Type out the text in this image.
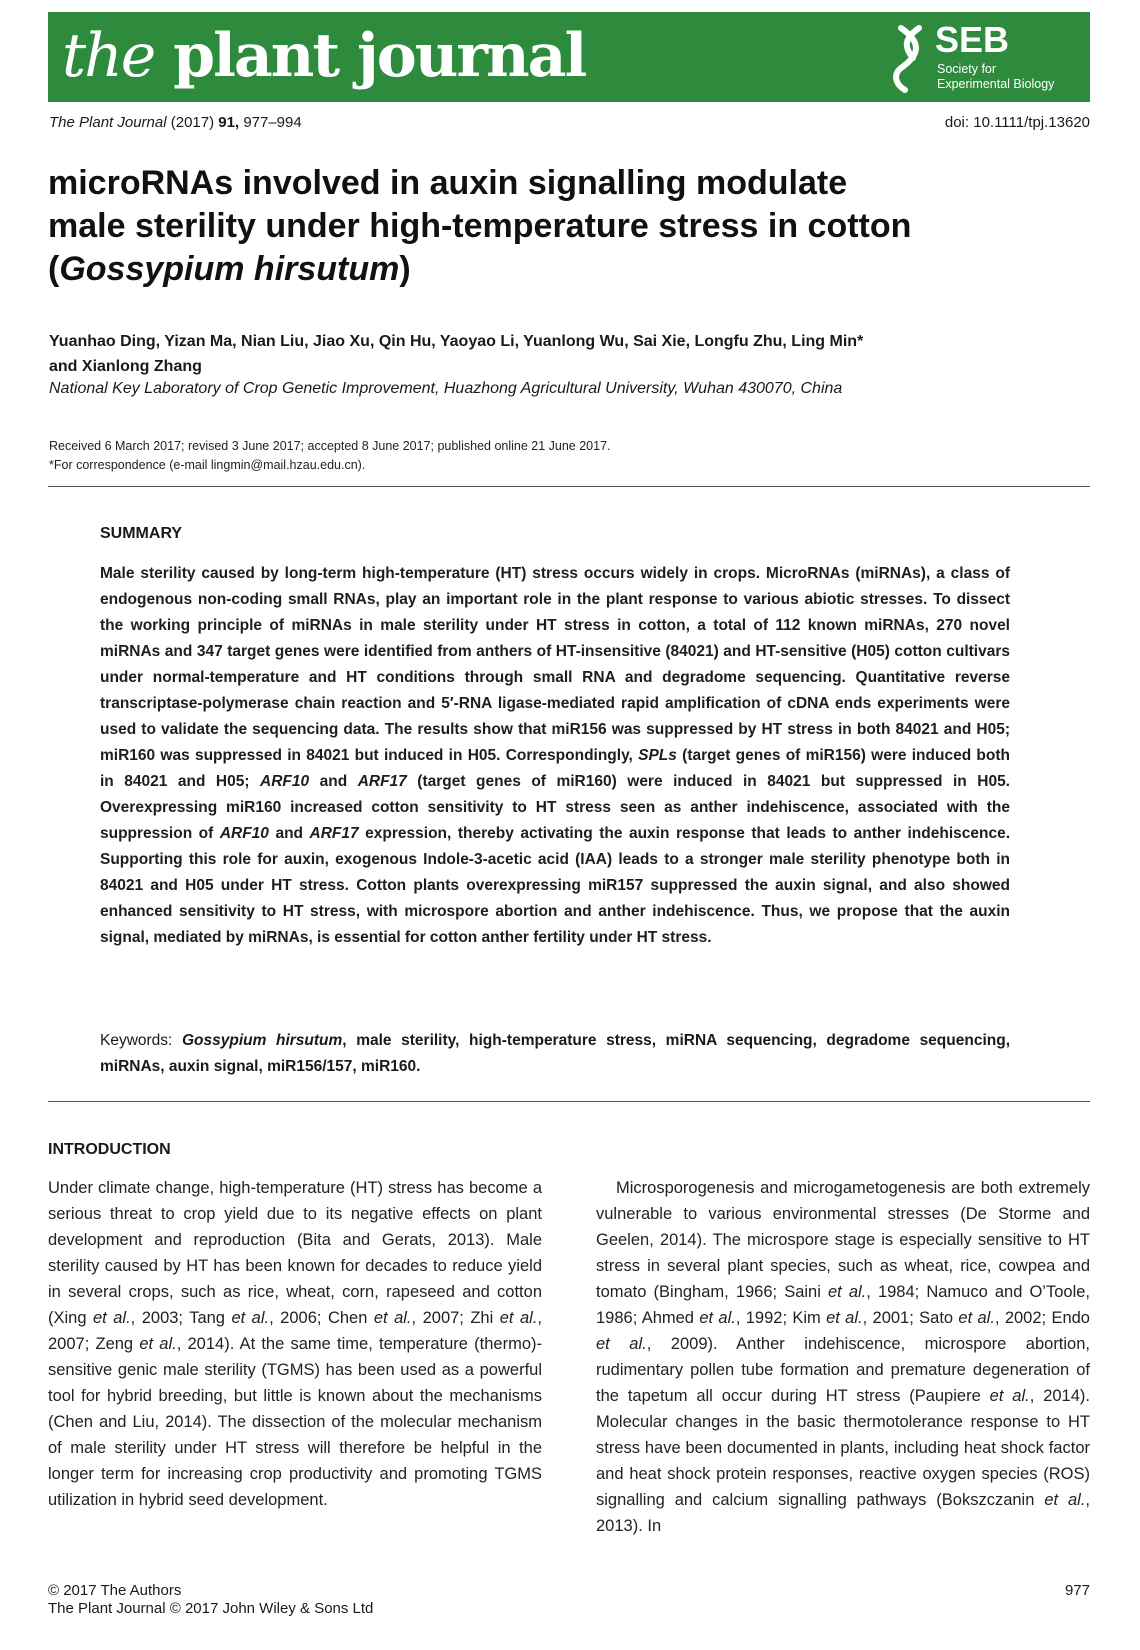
the plant journal	SEB
Society for
Experimental Biology
The Plant Journal (2017) 91, 977–994	doi: 10.1111/tpj.13620
microRNAs involved in auxin signalling modulate
male sterility under high-temperature stress in cotton
(Gossypium hirsutum)
Yuanhao Ding, Yizan Ma, Nian Liu, Jiao Xu, Qin Hu, Yaoyao Li, Yuanlong Wu, Sai Xie, Longfu Zhu, Ling Min*
and Xianlong Zhang
National Key Laboratory of Crop Genetic Improvement, Huazhong Agricultural University, Wuhan 430070, China
Received 6 March 2017; revised 3 June 2017; accepted 8 June 2017; published online 21 June 2017.
*For correspondence (e-mail lingmin@mail.hzau.edu.cn).
SUMMARY
Male sterility caused by long-term high-temperature (HT) stress occurs widely in crops. MicroRNAs (miRNAs), a class of endogenous non-coding small RNAs, play an important role in the plant response to various abiotic stresses. To dissect the working principle of miRNAs in male sterility under HT stress in cotton, a total of 112 known miRNAs, 270 novel miRNAs and 347 target genes were identified from anthers of HT-insensitive (84021) and HT-sensitive (H05) cotton cultivars under normal-temperature and HT conditions through small RNA and degradome sequencing. Quantitative reverse transcriptase-polymerase chain reaction and 5′-RNA ligase-mediated rapid amplification of cDNA ends experiments were used to validate the sequencing data. The results show that miR156 was suppressed by HT stress in both 84021 and H05; miR160 was suppressed in 84021 but induced in H05. Correspondingly, SPLs (target genes of miR156) were induced both in 84021 and H05; ARF10 and ARF17 (target genes of miR160) were induced in 84021 but suppressed in H05. Overexpressing miR160 increased cotton sensitivity to HT stress seen as anther indehiscence, associated with the suppression of ARF10 and ARF17 expression, thereby activating the auxin response that leads to anther indehiscence. Supporting this role for auxin, exogenous Indole-3-acetic acid (IAA) leads to a stronger male sterility phenotype both in 84021 and H05 under HT stress. Cotton plants overexpressing miR157 suppressed the auxin signal, and also showed enhanced sensitivity to HT stress, with microspore abortion and anther indehiscence. Thus, we propose that the auxin signal, mediated by miRNAs, is essential for cotton anther fertility under HT stress.
Keywords: Gossypium hirsutum, male sterility, high-temperature stress, miRNA sequencing, degradome sequencing, miRNAs, auxin signal, miR156/157, miR160.
INTRODUCTION
Under climate change, high-temperature (HT) stress has become a serious threat to crop yield due to its negative effects on plant development and reproduction (Bita and Gerats, 2013). Male sterility caused by HT has been known for decades to reduce yield in several crops, such as rice, wheat, corn, rapeseed and cotton (Xing et al., 2003; Tang et al., 2006; Chen et al., 2007; Zhi et al., 2007; Zeng et al., 2014). At the same time, temperature (thermo)-sensitive genic male sterility (TGMS) has been used as a powerful tool for hybrid breeding, but little is known about the mechanisms (Chen and Liu, 2014). The dissection of the molecular mechanism of male sterility under HT stress will therefore be helpful in the longer term for increasing crop productivity and promoting TGMS utilization in hybrid seed development.
Microsporogenesis and microgametogenesis are both extremely vulnerable to various environmental stresses (De Storme and Geelen, 2014). The microspore stage is especially sensitive to HT stress in several plant species, such as wheat, rice, cowpea and tomato (Bingham, 1966; Saini et al., 1984; Namuco and O’Toole, 1986; Ahmed et al., 1992; Kim et al., 2001; Sato et al., 2002; Endo et al., 2009). Anther indehiscence, microspore abortion, rudimentary pollen tube formation and premature degeneration of the tapetum all occur during HT stress (Paupiere et al., 2014). Molecular changes in the basic thermotolerance response to HT stress have been documented in plants, including heat shock factor and heat shock protein responses, reactive oxygen species (ROS) signalling and calcium signalling pathways (Bokszczanin et al., 2013). In
© 2017 The Authors
The Plant Journal © 2017 John Wiley & Sons Ltd
977
